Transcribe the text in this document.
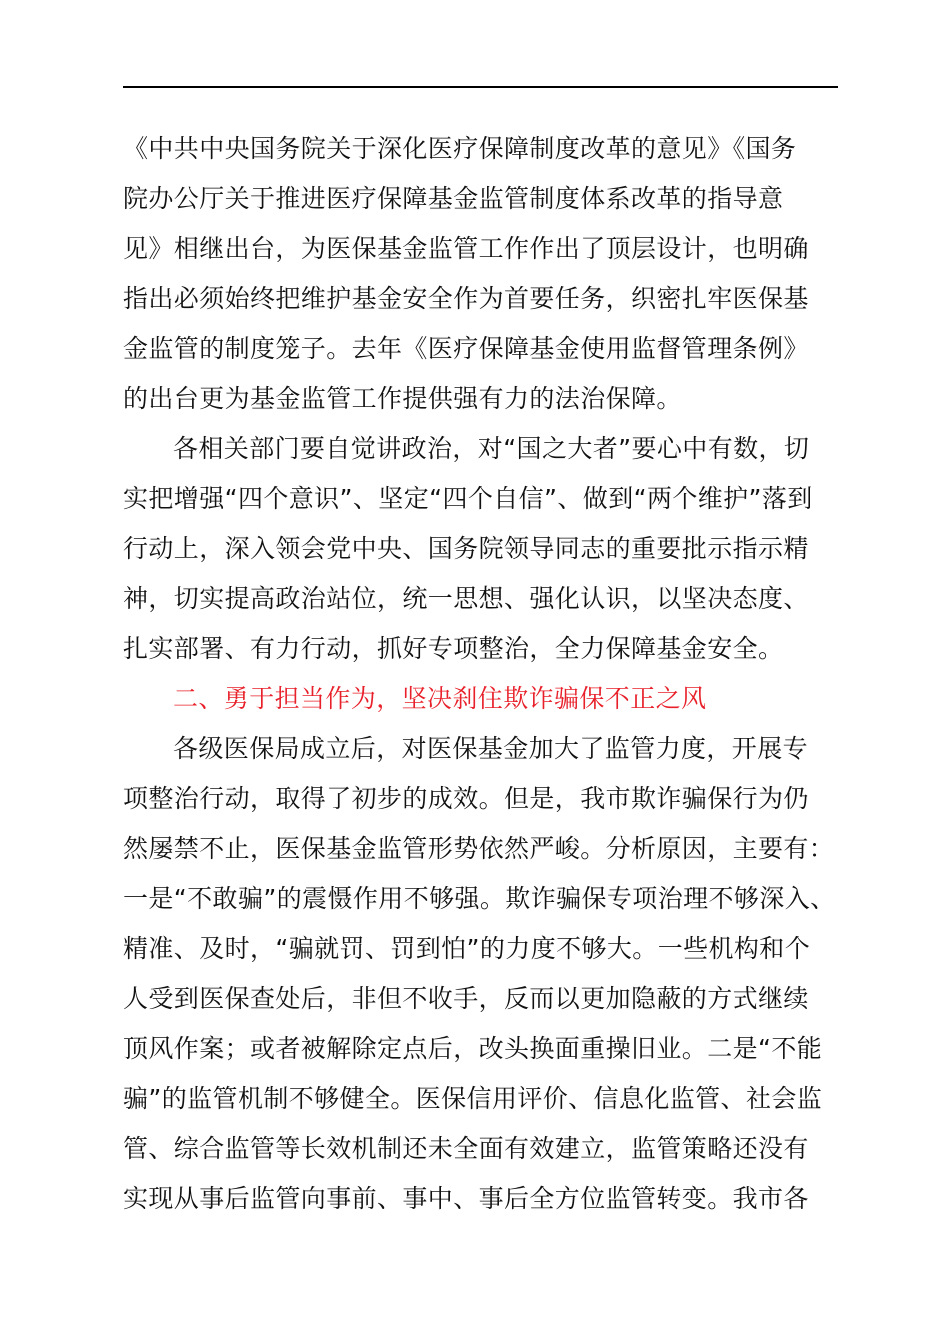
《中共中央国务院关于深化医疗保障制度改革的意见》《国务
院办公厅关于推进医疗保障基金监管制度体系改革的指导意
见》相继出台，为医保基金监管工作作出了顶层设计，也明确
指出必须始终把维护基金安全作为首要任务，织密扎牢医保基
金监管的制度笼子。去年《医疗保障基金使用监督管理条例》
的出台更为基金监管工作提供强有力的法治保障。
各相关部门要自觉讲政治，对“国之大者”要心中有数，切
实把增强“四个意识”、坚定“四个自信”、做到“两个维护”落到
行动上，深入领会党中央、国务院领导同志的重要批示指示精
神，切实提高政治站位，统一思想、强化认识，以坚决态度、
扎实部署、有力行动，抓好专项整治，全力保障基金安全。
二、勇于担当作为，坚决刹住欺诈骗保不正之风
各级医保局成立后，对医保基金加大了监管力度，开展专
项整治行动，取得了初步的成效。但是，我市欺诈骗保行为仍
然屡禁不止，医保基金监管形势依然严峻。分析原因，主要有：
一是“不敢骗”的震慑作用不够强。欺诈骗保专项治理不够深入、
精准、及时，“骗就罚、罚到怕”的力度不够大。一些机构和个
人受到医保查处后，非但不收手，反而以更加隐蔽的方式继续
顶风作案；或者被解除定点后，改头换面重操旧业。二是“不能
骗”的监管机制不够健全。医保信用评价、信息化监管、社会监
管、综合监管等长效机制还未全面有效建立，监管策略还没有
实现从事后监管向事前、事中、事后全方位监管转变。我市各
